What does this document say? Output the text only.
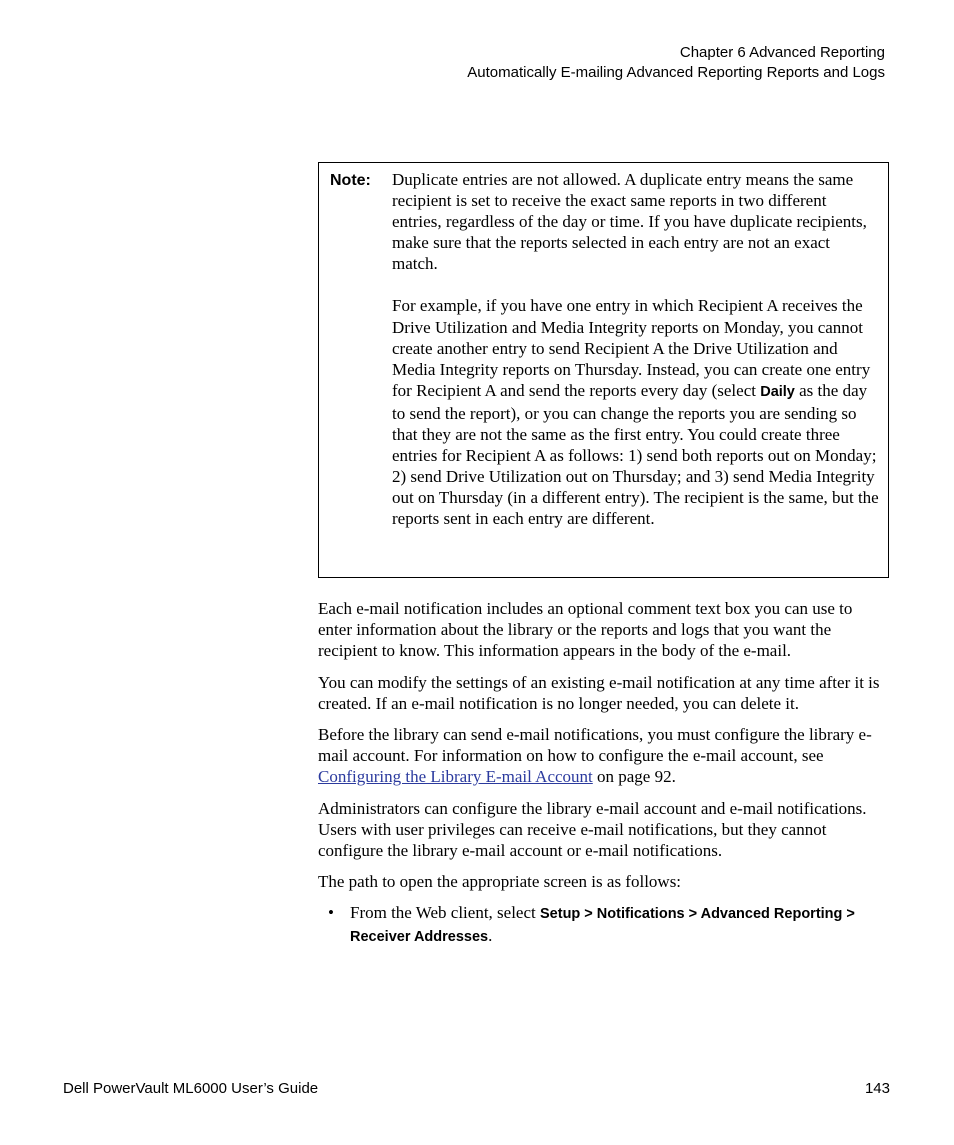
Chapter 6 Advanced Reporting
Automatically E-mailing Advanced Reporting Reports and Logs
Note: Duplicate entries are not allowed. A duplicate entry means the same recipient is set to receive the exact same reports in two different entries, regardless of the day or time. If you have duplicate recipients, make sure that the reports selected in each entry are not an exact match.

For example, if you have one entry in which Recipient A receives the Drive Utilization and Media Integrity reports on Monday, you cannot create another entry to send Recipient A the Drive Utilization and Media Integrity reports on Thursday. Instead, you can create one entry for Recipient A and send the reports every day (select Daily as the day to send the report), or you can change the reports you are sending so that they are not the same as the first entry. You could create three entries for Recipient A as follows: 1) send both reports out on Monday; 2) send Drive Utilization out on Thursday; and 3) send Media Integrity out on Thursday (in a different entry). The recipient is the same, but the reports sent in each entry are different.

Each e-mail notification includes an optional comment text box you can use to enter information about the library or the reports and logs that you want the recipient to know. This information appears in the body of the e-mail.

You can modify the settings of an existing e-mail notification at any time after it is created. If an e-mail notification is no longer needed, you can delete it.

Before the library can send e-mail notifications, you must configure the library e-mail account. For information on how to configure the e-mail account, see Configuring the Library E-mail Account on page 92.

Administrators can configure the library e-mail account and e-mail notifications. Users with user privileges can receive e-mail notifications, but they cannot configure the library e-mail account or e-mail notifications.

The path to open the appropriate screen is as follows:

• From the Web client, select Setup > Notifications > Advanced Reporting > Receiver Addresses.
Dell PowerVault ML6000 User’s Guide	143
